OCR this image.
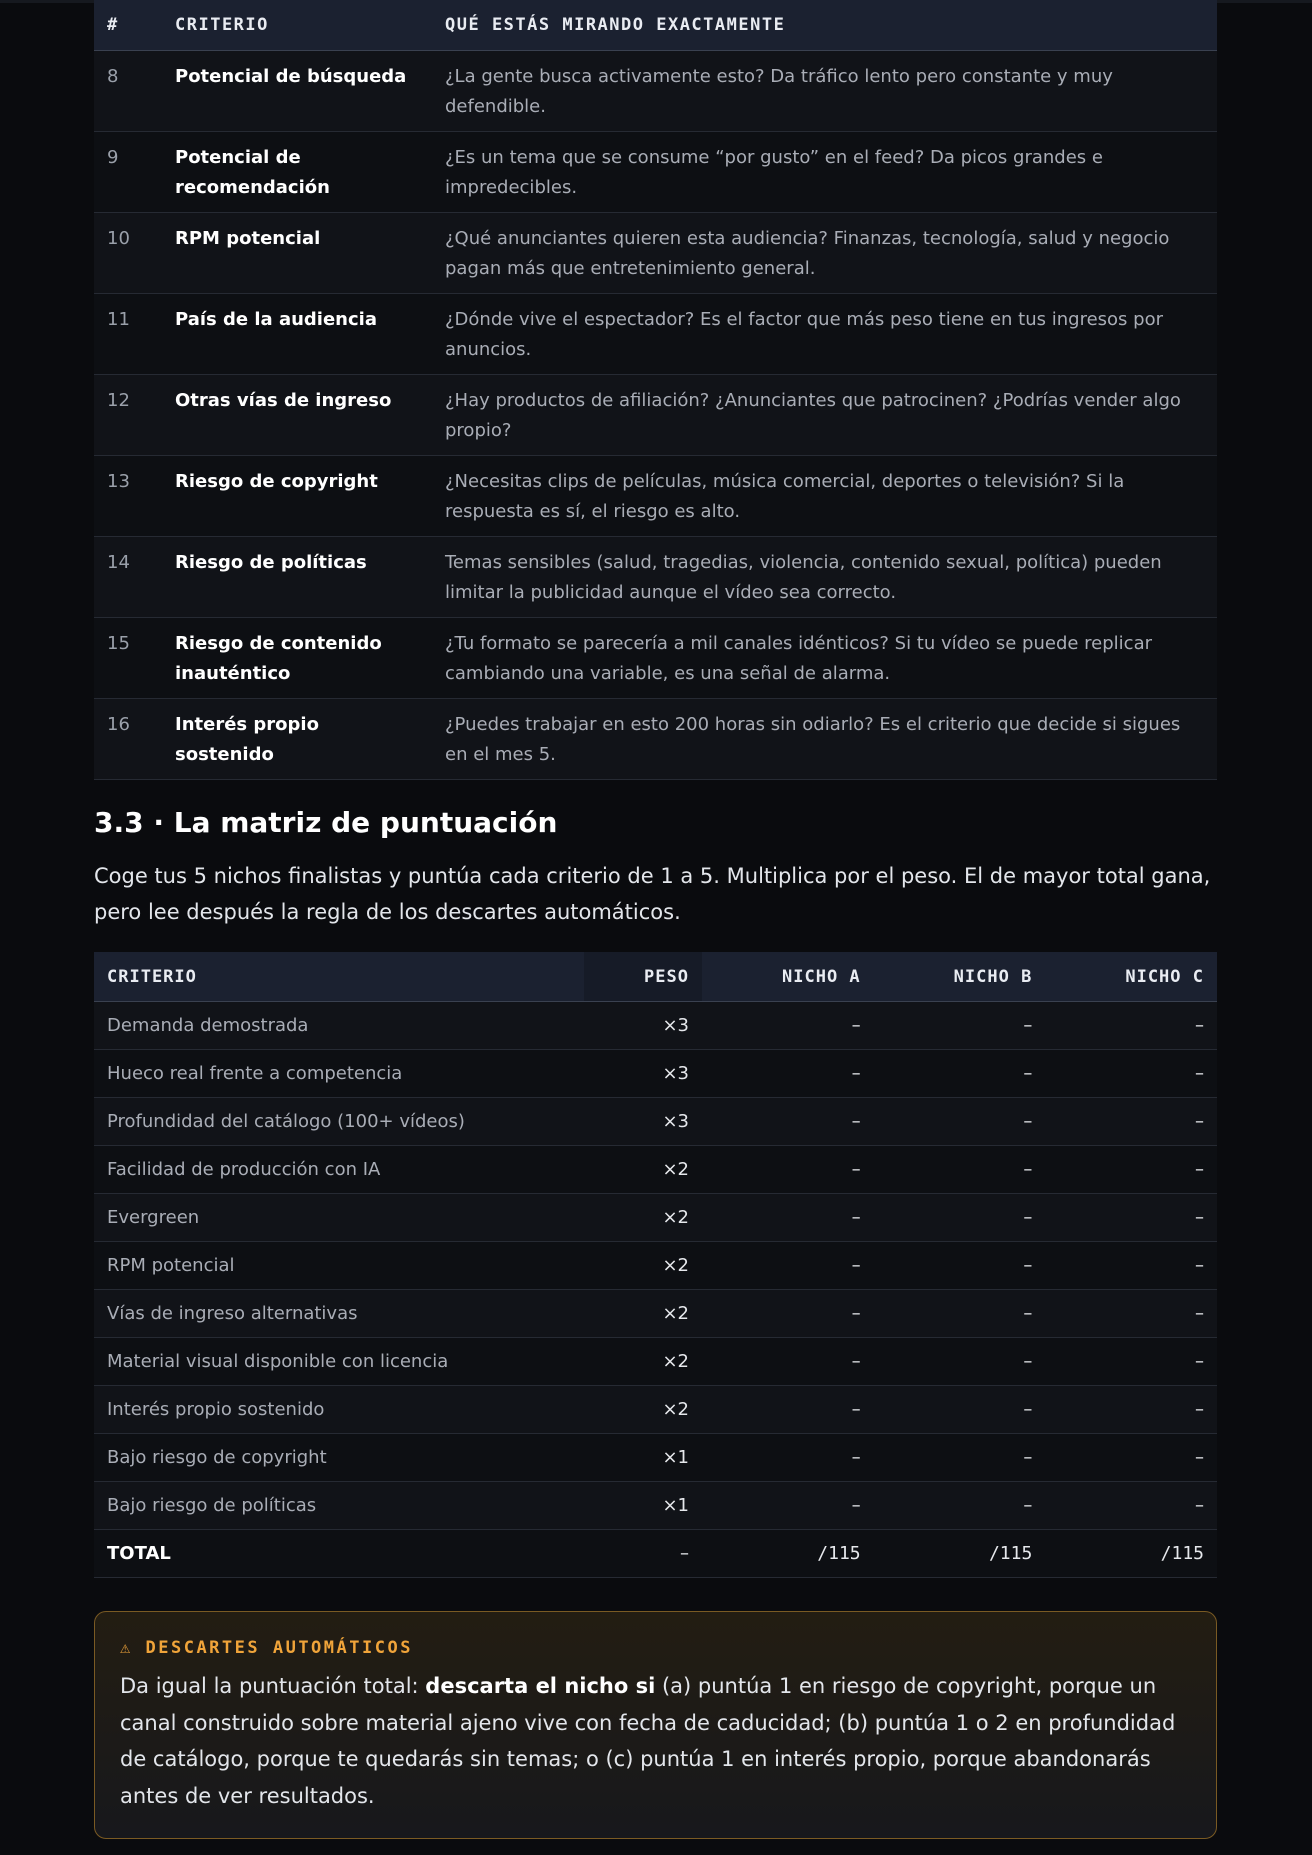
#	CRITERIO	QUÉ ESTÁS MIRANDO EXACTAMENTE
8	Potencial de búsqueda	¿La gente busca activamente esto? Da tráfico lento pero constante y muy defendible.
9	Potencial de recomendación	¿Es un tema que se consume “por gusto” en el feed? Da picos grandes e impredecibles.
10	RPM potencial	¿Qué anunciantes quieren esta audiencia? Finanzas, tecnología, salud y negocio pagan más que entretenimiento general.
11	País de la audiencia	¿Dónde vive el espectador? Es el factor que más peso tiene en tus ingresos por anuncios.
12	Otras vías de ingreso	¿Hay productos de afiliación? ¿Anunciantes que patrocinen? ¿Podrías vender algo propio?
13	Riesgo de copyright	¿Necesitas clips de películas, música comercial, deportes o televisión? Si la respuesta es sí, el riesgo es alto.
14	Riesgo de políticas	Temas sensibles (salud, tragedias, violencia, contenido sexual, política) pueden limitar la publicidad aunque el vídeo sea correcto.
15	Riesgo de contenido inauténtico	¿Tu formato se parecería a mil canales idénticos? Si tu vídeo se puede replicar cambiando una variable, es una señal de alarma.
16	Interés propio sostenido	¿Puedes trabajar en esto 200 horas sin odiarlo? Es el criterio que decide si sigues en el mes 5.
3.3 · La matriz de puntuación

Coge tus 5 nichos finalistas y puntúa cada criterio de 1 a 5. Multiplica por el peso. El de mayor total gana, pero lee después la regla de los descartes automáticos.

CRITERIO	PESO	NICHO A	NICHO B	NICHO C
Demanda demostrada	×3	–	–	–
Hueco real frente a competencia	×3	–	–	–
Profundidad del catálogo (100+ vídeos)	×3	–	–	–
Facilidad de producción con IA	×2	–	–	–
Evergreen	×2	–	–	–
RPM potencial	×2	–	–	–
Vías de ingreso alternativas	×2	–	–	–
Material visual disponible con licencia	×2	–	–	–
Interés propio sostenido	×2	–	–	–
Bajo riesgo de copyright	×1	–	–	–
Bajo riesgo de políticas	×1	–	–	–
TOTAL	–	/115	/115	/115
⚠ DESCARTES AUTOMÁTICOS

Da igual la puntuación total: descarta el nicho si (a) puntúa 1 en riesgo de copyright, porque un canal construido sobre material ajeno vive con fecha de caducidad; (b) puntúa 1 o 2 en profundidad de catálogo, porque te quedarás sin temas; o (c) puntúa 1 en interés propio, porque abandonarás antes de ver resultados.
